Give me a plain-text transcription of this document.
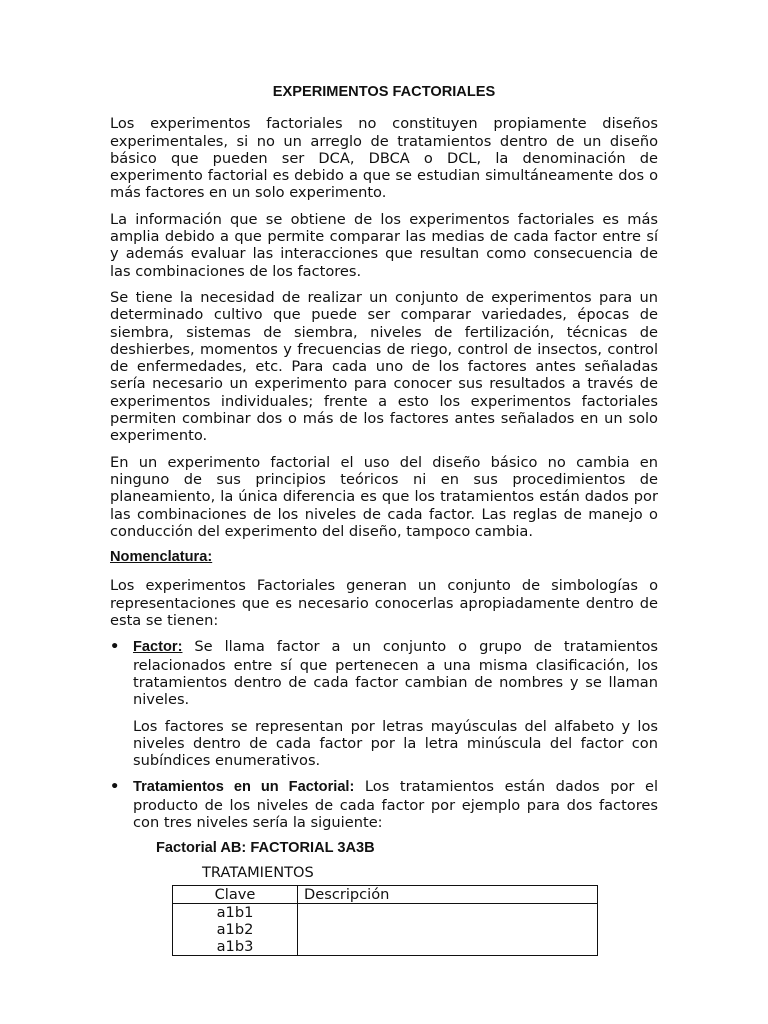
EXPERIMENTOS FACTORIALES

Los experimentos factoriales no constituyen propiamente diseños experimentales, si no un arreglo de tratamientos dentro de un diseño básico que pueden ser DCA, DBCA o DCL, la denominación de experimento factorial es debido a que se estudian simultáneamente dos o más factores en un solo experimento.

La información que se obtiene de los experimentos factoriales es más amplia debido a que permite comparar las medias de cada factor entre sí y además evaluar las interacciones que resultan como consecuencia de las combinaciones de los factores.

Se tiene la necesidad de realizar un conjunto de experimentos para un determinado cultivo que puede ser comparar variedades, épocas de siembra, sistemas de siembra, niveles de fertilización, técnicas de deshierbes, momentos y frecuencias de riego, control de insectos, control de enfermedades, etc. Para cada uno de los factores antes señaladas sería necesario un experimento para conocer sus resultados a través de experimentos individuales; frente a esto los experimentos factoriales permiten combinar dos o más de los factores antes señalados en un solo experimento.

En un experimento factorial el uso del diseño básico no cambia en ninguno de sus principios teóricos ni en sus procedimientos de planeamiento, la única diferencia es que los tratamientos están dados por las combinaciones de los niveles de cada factor. Las reglas de manejo o conducción del experimento del diseño, tampoco cambia.

Nomenclatura:

Los experimentos Factoriales generan un conjunto de simbologías o representaciones que es necesario conocerlas apropiadamente dentro de esta se tienen:

• Factor: Se llama factor a un conjunto o grupo de tratamientos relacionados entre sí que pertenecen a una misma clasificación, los tratamientos dentro de cada factor cambian de nombres y se llaman niveles.
Los factores se representan por letras mayúsculas del alfabeto y los niveles dentro de cada factor por la letra minúscula del factor con subíndices enumerativos.
• Tratamientos en un Factorial: Los tratamientos están dados por el producto de los niveles de cada factor por ejemplo para dos factores con tres niveles sería la siguiente:
Factorial AB: FACTORIAL 3A3B
TRATAMIENTOS
Clave	Descripción

a1b1
a1b2
a1b3	
